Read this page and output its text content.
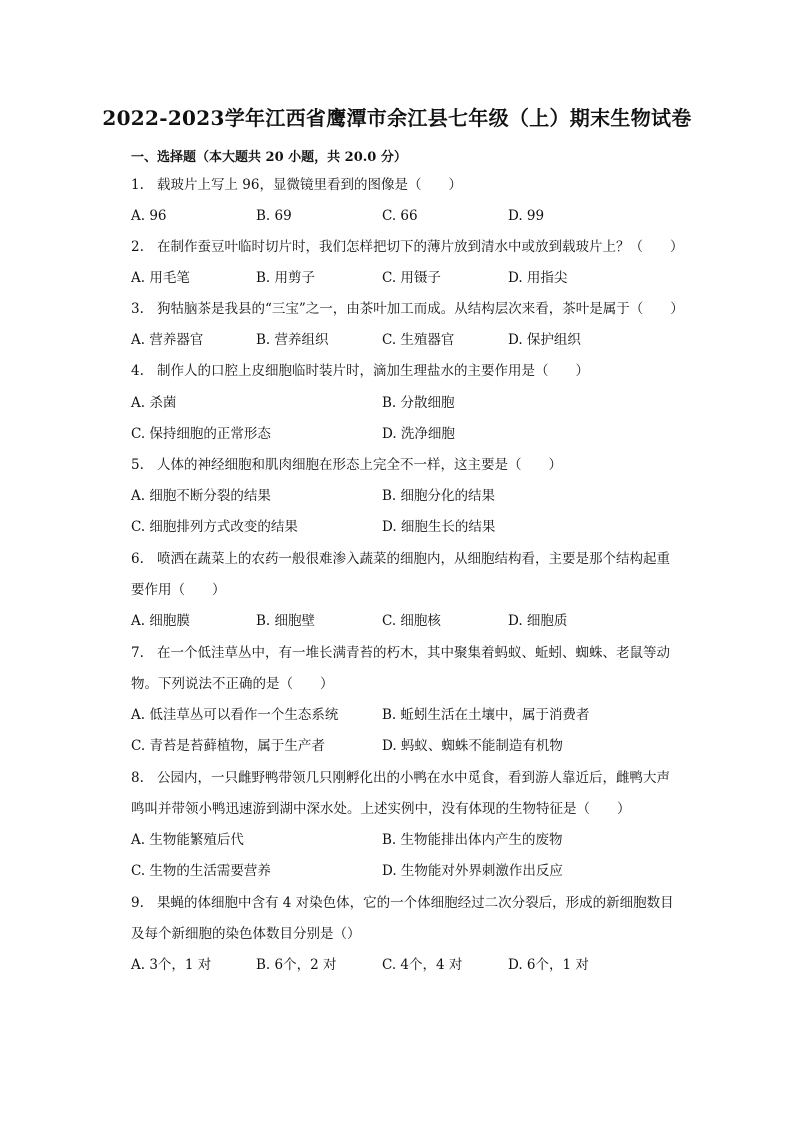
2022-2023学年江西省鹰潭市余江县七年级（上）期末生物试卷
一、选择题（本大题共 20 小题，共 20.0 分）
1. 载玻片上写上 96，显微镜里看到的图像是（　　）
A. 96	B. 69	C. 66	D. 99
2. 在制作蚕豆叶临时切片时，我们怎样把切下的薄片放到清水中或放到载玻片上？（　　）
A. 用毛笔	B. 用剪子	C. 用镊子	D. 用指尖
3. 狗牯脑茶是我县的“三宝”之一，由茶叶加工而成。从结构层次来看，茶叶是属于（　　）
A. 营养器官	B. 营养组织	C. 生殖器官	D. 保护组织
4. 制作人的口腔上皮细胞临时装片时，滴加生理盐水的主要作用是（　　）
A. 杀菌	B. 分散细胞
C. 保持细胞的正常形态	D. 洗净细胞
5. 人体的神经细胞和肌肉细胞在形态上完全不一样，这主要是（　　）
A. 细胞不断分裂的结果	B. 细胞分化的结果
C. 细胞排列方式改变的结果	D. 细胞生长的结果
6. 喷洒在蔬菜上的农药一般很难渗入蔬菜的细胞内，从细胞结构看，主要是那个结构起重
要作用（　　）
A. 细胞膜	B. 细胞壁	C. 细胞核	D. 细胞质
7. 在一个低洼草丛中，有一堆长满青苔的朽木，其中聚集着蚂蚁、蚯蚓、蜘蛛、老鼠等动
物。下列说法不正确的是（　　）
A. 低洼草丛可以看作一个生态系统	B. 蚯蚓生活在土壤中，属于消费者
C. 青苔是苔藓植物，属于生产者	D. 蚂蚁、蜘蛛不能制造有机物
8. 公园内，一只雌野鸭带领几只刚孵化出的小鸭在水中觅食，看到游人靠近后，雌鸭大声
鸣叫并带领小鸭迅速游到湖中深水处。上述实例中，没有体现的生物特征是（　　）
A. 生物能繁殖后代	B. 生物能排出体内产生的废物
C. 生物的生活需要营养	D. 生物能对外界刺激作出反应
9. 果蝇的体细胞中含有 4 对染色体，它的一个体细胞经过二次分裂后，形成的新细胞数目
及每个新细胞的染色体数目分别是（）
A. 3个，1 对	B. 6个，2 对	C. 4个，4 对	D. 6个，1 对
